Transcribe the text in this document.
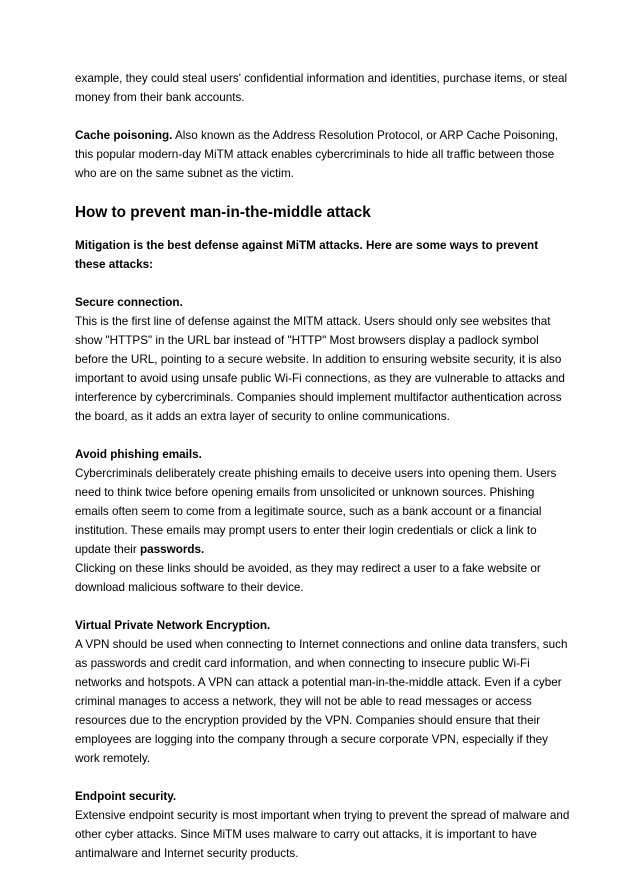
example, they could steal users' confidential information and identities, purchase items, or steal money from their bank accounts.

Cache poisoning. Also known as the Address Resolution Protocol, or ARP Cache Poisoning, this popular modern-day MiTM attack enables cybercriminals to hide all traffic between those who are on the same subnet as the victim.

How to prevent man-in-the-middle attack

Mitigation is the best defense against MiTM attacks. Here are some ways to prevent these attacks:

Secure connection.
This is the first line of defense against the MITM attack. Users should only see websites that show "HTTPS" in the URL bar instead of "HTTP" Most browsers display a padlock symbol before the URL, pointing to a secure website. In addition to ensuring website security, it is also important to avoid using unsafe public Wi-Fi connections, as they are vulnerable to attacks and interference by cybercriminals. Companies should implement multifactor authentication across the board, as it adds an extra layer of security to online communications.
Avoid phishing emails.
Cybercriminals deliberately create phishing emails to deceive users into opening them. Users need to think twice before opening emails from unsolicited or unknown sources. Phishing emails often seem to come from a legitimate source, such as a bank account or a financial institution. These emails may prompt users to enter their login credentials or click a link to update their passwords.
Clicking on these links should be avoided, as they may redirect a user to a fake website or download malicious software to their device.
Virtual Private Network Encryption.
A VPN should be used when connecting to Internet connections and online data transfers, such as passwords and credit card information, and when connecting to insecure public Wi-Fi networks and hotspots. A VPN can attack a potential man-in-the-middle attack. Even if a cyber criminal manages to access a network, they will not be able to read messages or access resources due to the encryption provided by the VPN. Companies should ensure that their employees are logging into the company through a secure corporate VPN, especially if they work remotely.
Endpoint security.
Extensive endpoint security is most important when trying to prevent the spread of malware and other cyber attacks. Since MiTM uses malware to carry out attacks, it is important to have antimalware and Internet security products.
